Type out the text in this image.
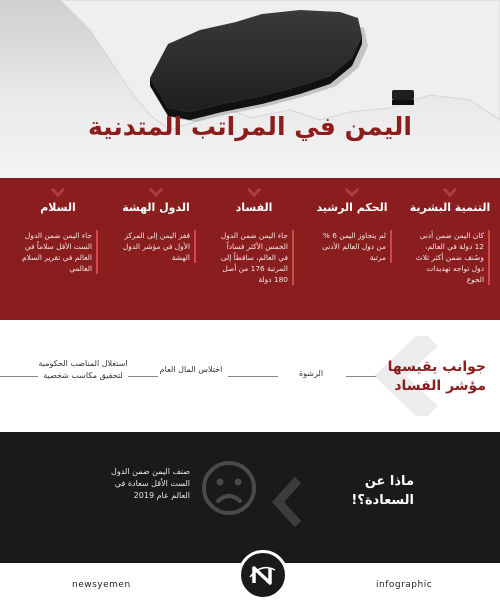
اليمن في المراتب المتدنية
التنمية البشرية
كان اليمن ضمن أدنى 12 دولة في العالم، وصُنف ضمن أكثر ثلاث دول تواجه تهديدات الجوع
الحكم الرشيد
لم يتجاوز اليمن 6 % من دول العالم الأدنى مرتبة
الفساد
جاء اليمن ضمن الدول الخمس الأكثر فساداً في العالم، ساقطاً إلى المرتبة 176 من أصل 180 دولة
الدول الهشة
قفز اليمن إلى المركز الأول في مؤشر الدول الهشة
السلام
جاء اليمن ضمن الدول الست الأقل سلاماً في العالم في تقرير السلام العالمي
جوانب يقيسها
مؤشر الفساد
الرشوة
اختلاس المال العام
استغلال المناصب الحكومية لتحقيق مكاسب شخصية
ماذا عن
السعادة؟!
صنف اليمن ضمن الدول الست الأقل سعادة في العالم عام 2019
newsyemen	infographic
